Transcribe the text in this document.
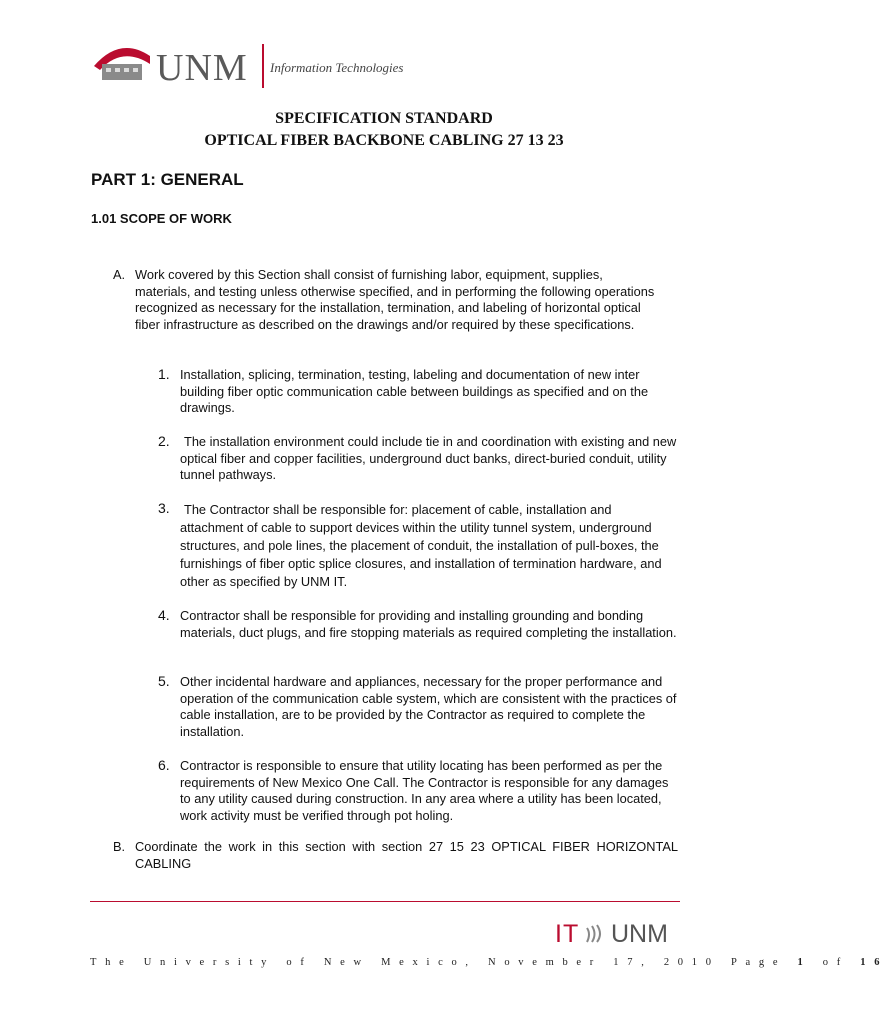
UNM Information Technologies
SPECIFICATION STANDARD
OPTICAL FIBER BACKBONE CABLING 27 13 23
PART 1: GENERAL
1.01 SCOPE OF WORK
A. Work covered by this Section shall consist of furnishing labor, equipment, supplies, materials, and testing unless otherwise specified, and in performing the following operations recognized as necessary for the installation, termination, and labeling of horizontal optical fiber infrastructure as described on the drawings and/or required by these specifications.
1. Installation, splicing, termination, testing, labeling and documentation of new inter building fiber optic communication cable between buildings as specified and on the drawings.
2.	The installation environment could include tie in and coordination with existing and new optical fiber and copper facilities, underground duct banks, direct-buried conduit, utility tunnel pathways.
3.	The Contractor shall be responsible for: placement of cable, installation and attachment of cable to support devices within the utility tunnel system, underground structures, and pole lines, the placement of conduit, the installation of pull-boxes, the furnishings of fiber optic splice closures, and installation of termination hardware, and other as specified by UNM IT.
4. Contractor shall be responsible for providing and installing grounding and bonding materials, duct plugs, and fire stopping materials as required completing the installation.
5. Other incidental hardware and appliances, necessary for the proper performance and operation of the communication cable system, which are consistent with the practices of cable installation, are to be provided by the Contractor as required to complete the installation.
6. Contractor is responsible to ensure that utility locating has been performed as per the requirements of New Mexico One Call. The Contractor is responsible for any damages to any utility caused during construction. In any area where a utility has been located, work activity must be verified through pot holing.
B. Coordinate the work in this section with section 27 15 23 OPTICAL FIBER HORIZONTAL CABLING
IT UNM
The University of New Mexico, November 17, 2010 Page 1 of 16
